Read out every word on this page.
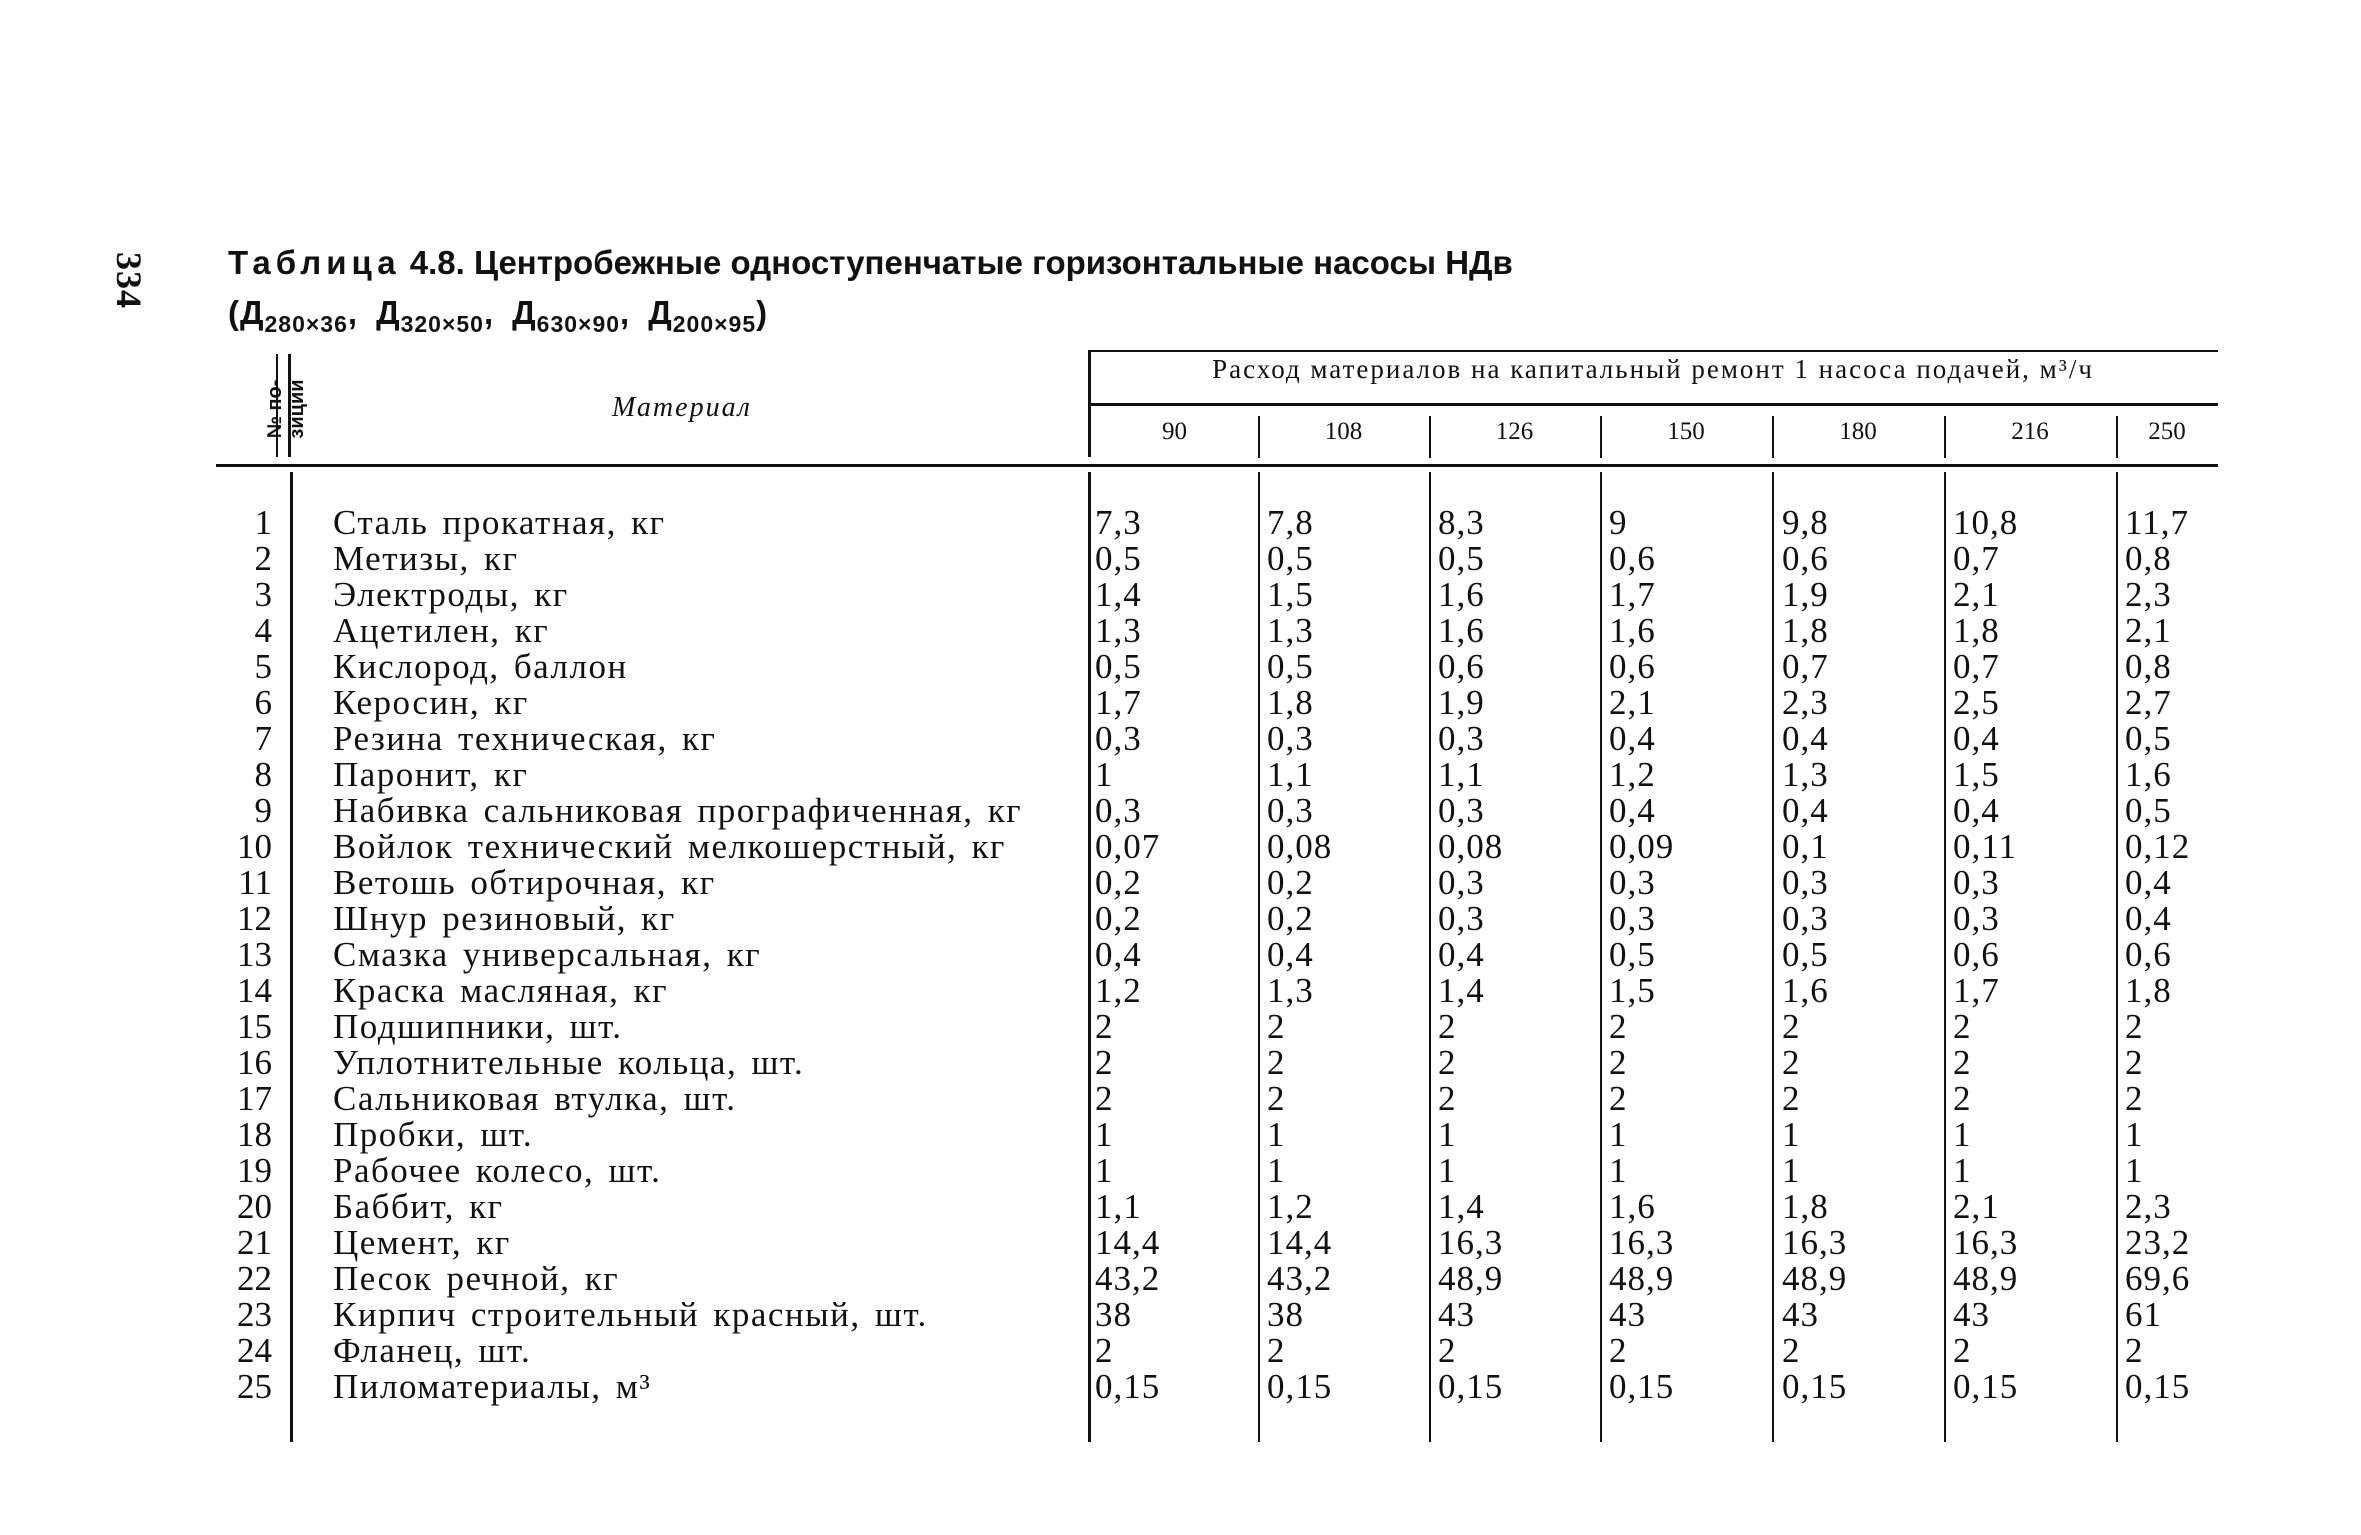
334 Таблица 4.8. Центробежные одноступенчатые горизонтальные насосы НДв
($Д_{280\times 36}$, $Д_{320\times 50}$, $Д_{630\times 90}$, $Д_{200\times 95}$)
№ по-
зиции	Материал
Расход материалов на капитальный ремонт 1 насоса подачей, м³/ч
90	108	126	150	180	216	250
1 Сталь прокатная, кг	7,3	7,8	8,3	9	9,8	10,8	11,7
2 Метизы, кг	0,5	0,5	0,5	0,6	0,6	0,7	0,8
3 Электроды, кг	1,4	1,5	1,6	1,7	1,9	2,1	2,3
4 Ацетилен, кг	1,3	1,3	1,6	1,6	1,8	1,8	2,1
5 Кислород, баллон	0,5	0,5	0,6	0,6	0,7	0,7	0,8
6 Керосин, кг	1,7	1,8	1,9	2,1	2,3	2,5	2,7
7 Резина техническая, кг	0,3	0,3	0,3	0,4	0,4	0,4	0,5
8 Паронит, кг	1	1,1	1,1	1,2	1,3	1,5	1,6
9 Набивка сальниковая прографиченная, кг 0,3	0,3	0,3	0,4	0,4	0,4	0,5
10 Войлок технический мелкошерстный, кг	0,07	0,08	0,08	0,09	0,1	0,11	0,12
11 Ветошь обтирочная, кг	0,2	0,2	0,3	0,3	0,3	0,3	0,4
12 Шнур резиновый, кг	0,2	0,2	0,3	0,3	0,3	0,3	0,4
13 Смазка универсальная, кг	0,4	0,4	0,4	0,5	0,5	0,6	0,6
14 Краска масляная, кг	1,2	1,3	1,4	1,5	1,6	1,7	1,8
15 Подшипники, шт.	2	2	2	2	2	2	2
16 Уплотнительные кольца, шт.	2	2	2	2	2	2	2
17 Сальниковая втулка, шт.	2	2	2	2	2	2	2
18 Пробки, шт.	1	1	1	1	1	1	1
19 Рабочее колесо, шт.	1	1	1	1	1	1	1
20 Баббит, кг	1,1	1,2	1,4	1,6	1,8	2,1	2,3
21 Цемент, кг	14,4	14,4	16,3	16,3	16,3	16,3	23,2
22 Песок речной, кг	43,2	43,2	48,9	48,9	48,9	48,9	69,6
23 Кирпич строительный красный, шт.	38	38	43	43	43	43	61
24 Фланец, шт.	2	2	2	2	2	2	2
25 Пиломатериалы, м³	0,15	0,15	0,15	0,15	0,15	0,15	0,15
